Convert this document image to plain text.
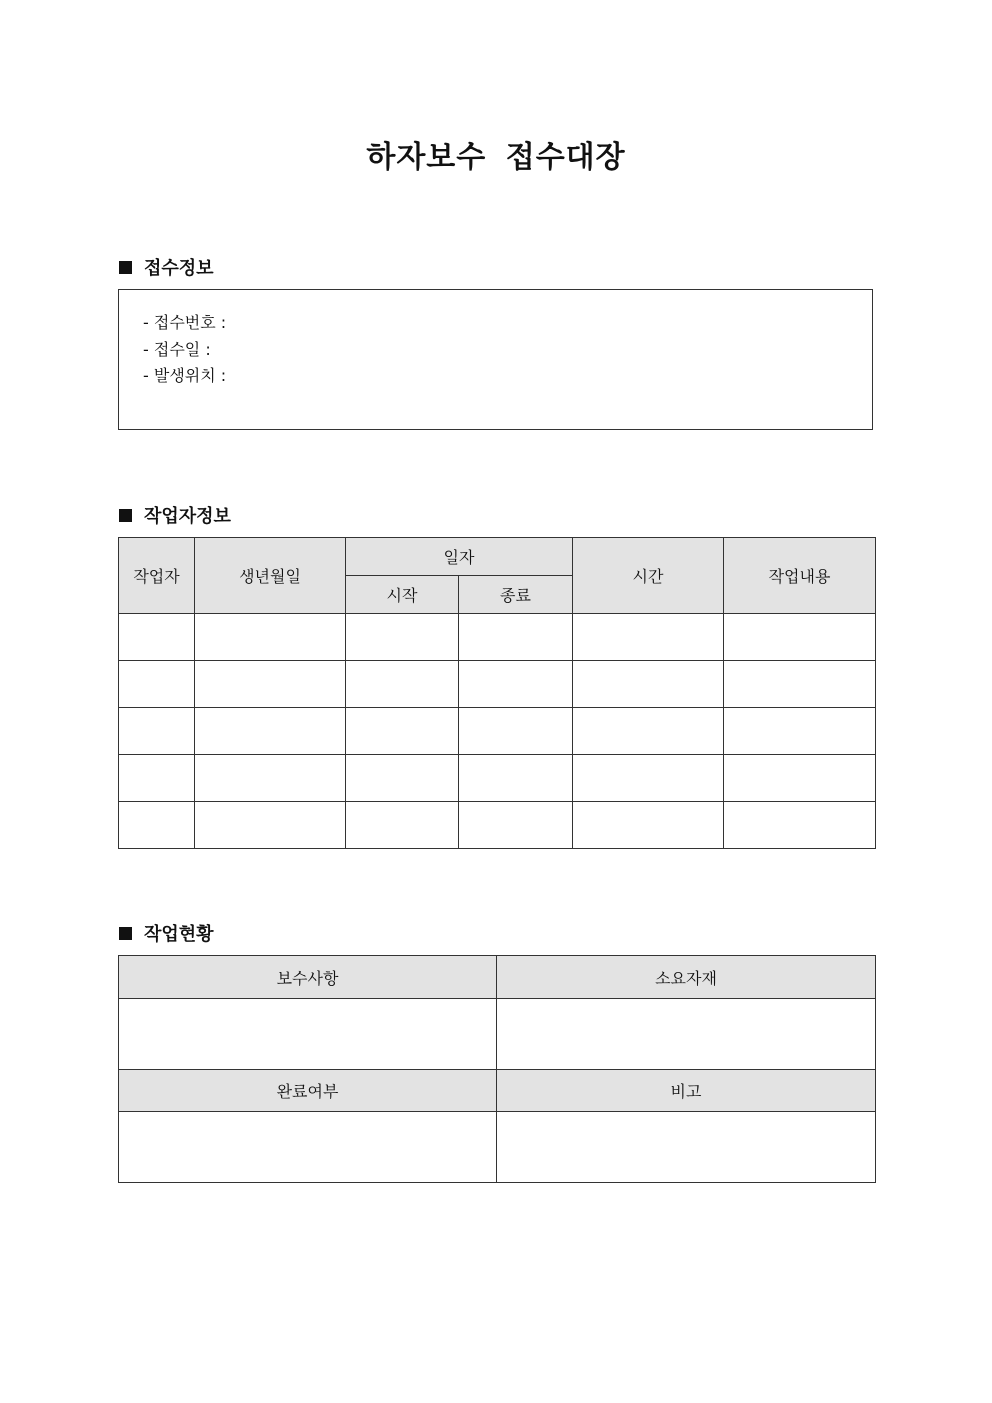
하자보수 접수대장
접수정보
- 접수번호 :
- 접수일 :
- 발생위치 :
작업자정보
작업자	생년월일	일자		시간	작업내용
		시작	종료		

작업현황
보수사항	소요자재

완료여부	비고
